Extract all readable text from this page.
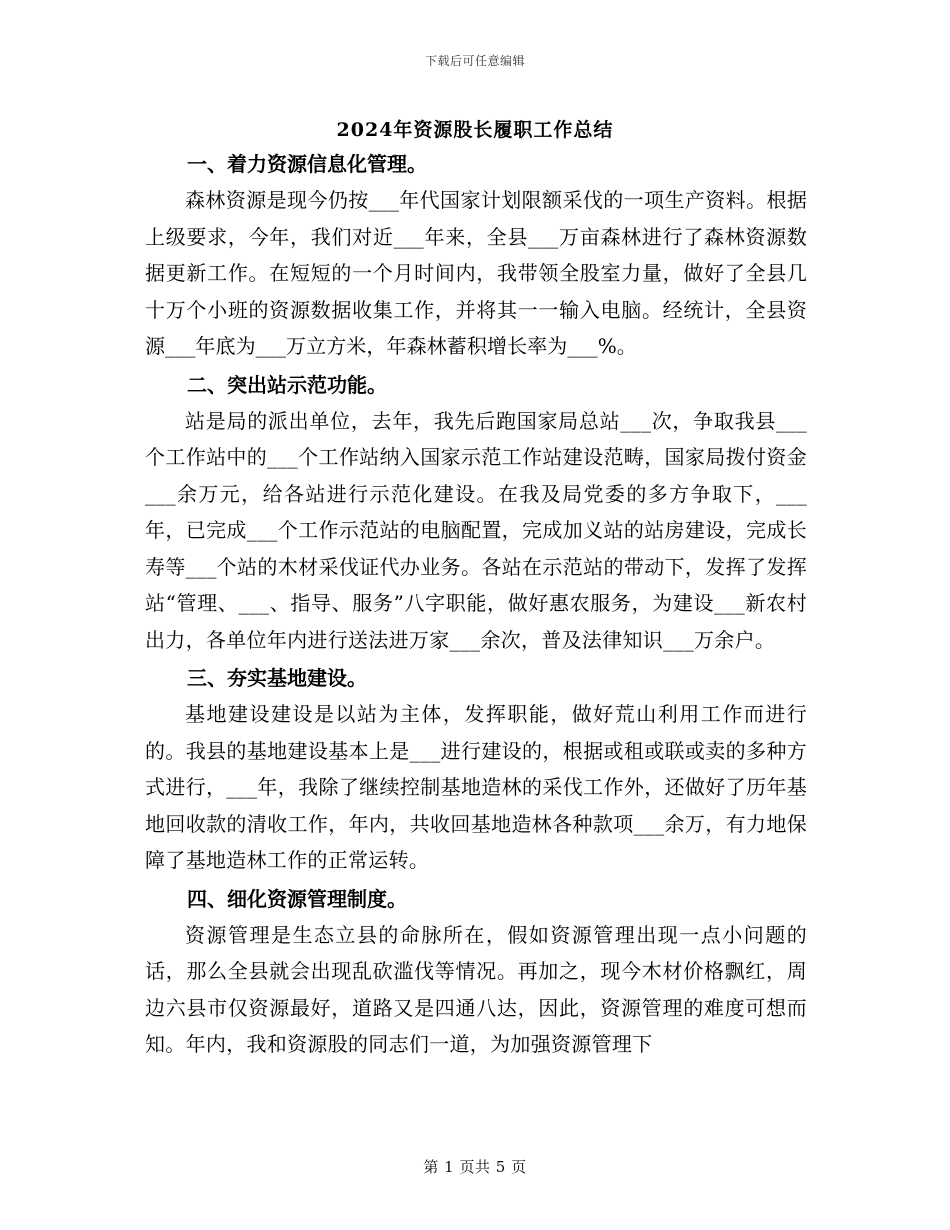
下载后可任意编辑
2024年资源股长履职工作总结

一、着力资源信息化管理。

森林资源是现今仍按___年代国家计划限额采伐的一项生产资料。根据上级要求，今年，我们对近___年来，全县___万亩森林进行了森林资源数据更新工作。在短短的一个月时间内，我带领全股室力量，做好了全县几十万个小班的资源数据收集工作，并将其一一输入电脑。经统计，全县资源___年底为___万立方米，年森林蓄积增长率为___%。

二、突出站示范功能。

站是局的派出单位，去年，我先后跑国家局总站___次，争取我县___个工作站中的___个工作站纳入国家示范工作站建设范畴，国家局拨付资金___余万元，给各站进行示范化建设。在我及局党委的多方争取下，___年，已完成___个工作示范站的电脑配置，完成加义站的站房建设，完成长寿等___个站的木材采伐证代办业务。各站在示范站的带动下，发挥了发挥站“管理、___、指导、服务”八字职能，做好惠农服务，为建设___新农村出力，各单位年内进行送法进万家___余次，普及法律知识___万余户。

三、夯实基地建设。

基地建设建设是以站为主体，发挥职能，做好荒山利用工作而进行的。我县的基地建设基本上是___进行建设的，根据或租或联或卖的多种方式进行，___年，我除了继续控制基地造林的采伐工作外，还做好了历年基地回收款的清收工作，年内，共收回基地造林各种款项___余万，有力地保障了基地造林工作的正常运转。

四、细化资源管理制度。

资源管理是生态立县的命脉所在，假如资源管理出现一点小问题的话，那么全县就会出现乱砍滥伐等情况。再加之，现今木材价格飘红，周边六县市仅资源最好，道路又是四通八达，因此，资源管理的难度可想而知。年内，我和资源股的同志们一道，为加强资源管理下

第 1 页共 5 页
